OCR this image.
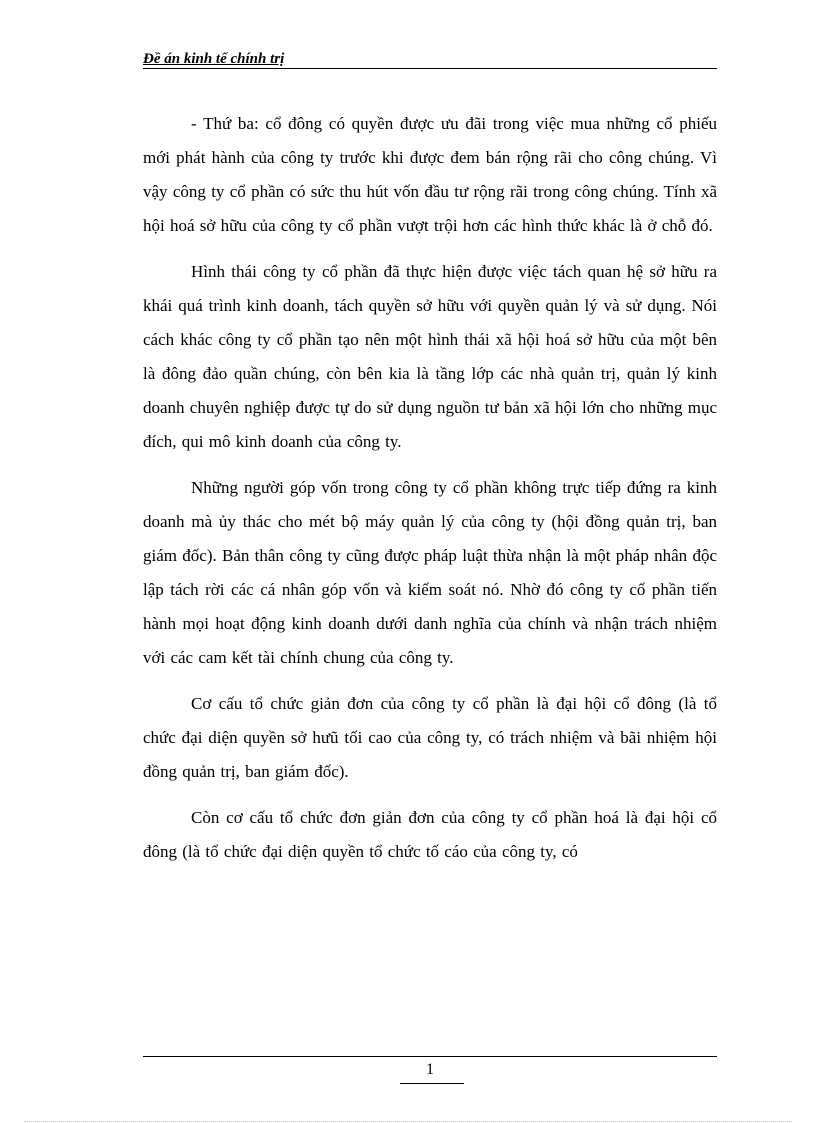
Đề án kinh tế chính trị

- Thứ ba: cổ đông có quyền được ưu đãi trong việc mua những cổ phiếu mới phát hành của công ty trước khi được đem bán rộng rãi cho công chúng. Vì vậy công ty cổ phần có sức thu hút vốn đầu tư rộng rãi trong công chúng. Tính xã hội hoá sở hữu của công ty cổ phần vượt trội hơn các hình thức khác là ở chỗ đó.

Hình thái công ty cổ phần đã thực hiện được việc tách quan hệ sở hữu ra khái quá trình kinh doanh, tách quyền sở hữu với quyền quản lý và sử dụng. Nói cách khác công ty cổ phần tạo nên một hình thái xã hội hoá sở hữu của một bên là đông đảo quần chúng, còn bên kia là tầng lớp các nhà quản trị, quản lý kinh doanh chuyên nghiệp được tự do sử dụng nguồn tư bản xã hội lớn cho những mục đích, qui mô kinh doanh của công ty.

Những người góp vốn trong công ty cổ phần không trực tiếp đứng ra kinh doanh mà ủy thác cho mét bộ máy quản lý của công ty (hội đồng quản trị, ban giám đốc). Bản thân công ty cũng được pháp luật thừa nhận là một pháp nhân độc lập tách rời các cá nhân góp vốn và kiểm soát nó. Nhờ đó công ty cổ phần tiến hành mọi hoạt động kinh doanh dưới danh nghĩa của chính và nhận trách nhiệm với các cam kết tài chính chung của công ty.

Cơ cấu tổ chức giản đơn của công ty cổ phần là đại hội cổ đông (là tổ chức đại diện quyền sở hưũ tối cao của công ty, có trách nhiệm và bãi nhiệm hội đồng quản trị, ban giám đốc).

Còn cơ cấu tổ chức đơn giản đơn của công ty cổ phần hoá là đại hội cổ đông (là tổ chức đại diện quyền tổ chức tố cáo của công ty, có

1
